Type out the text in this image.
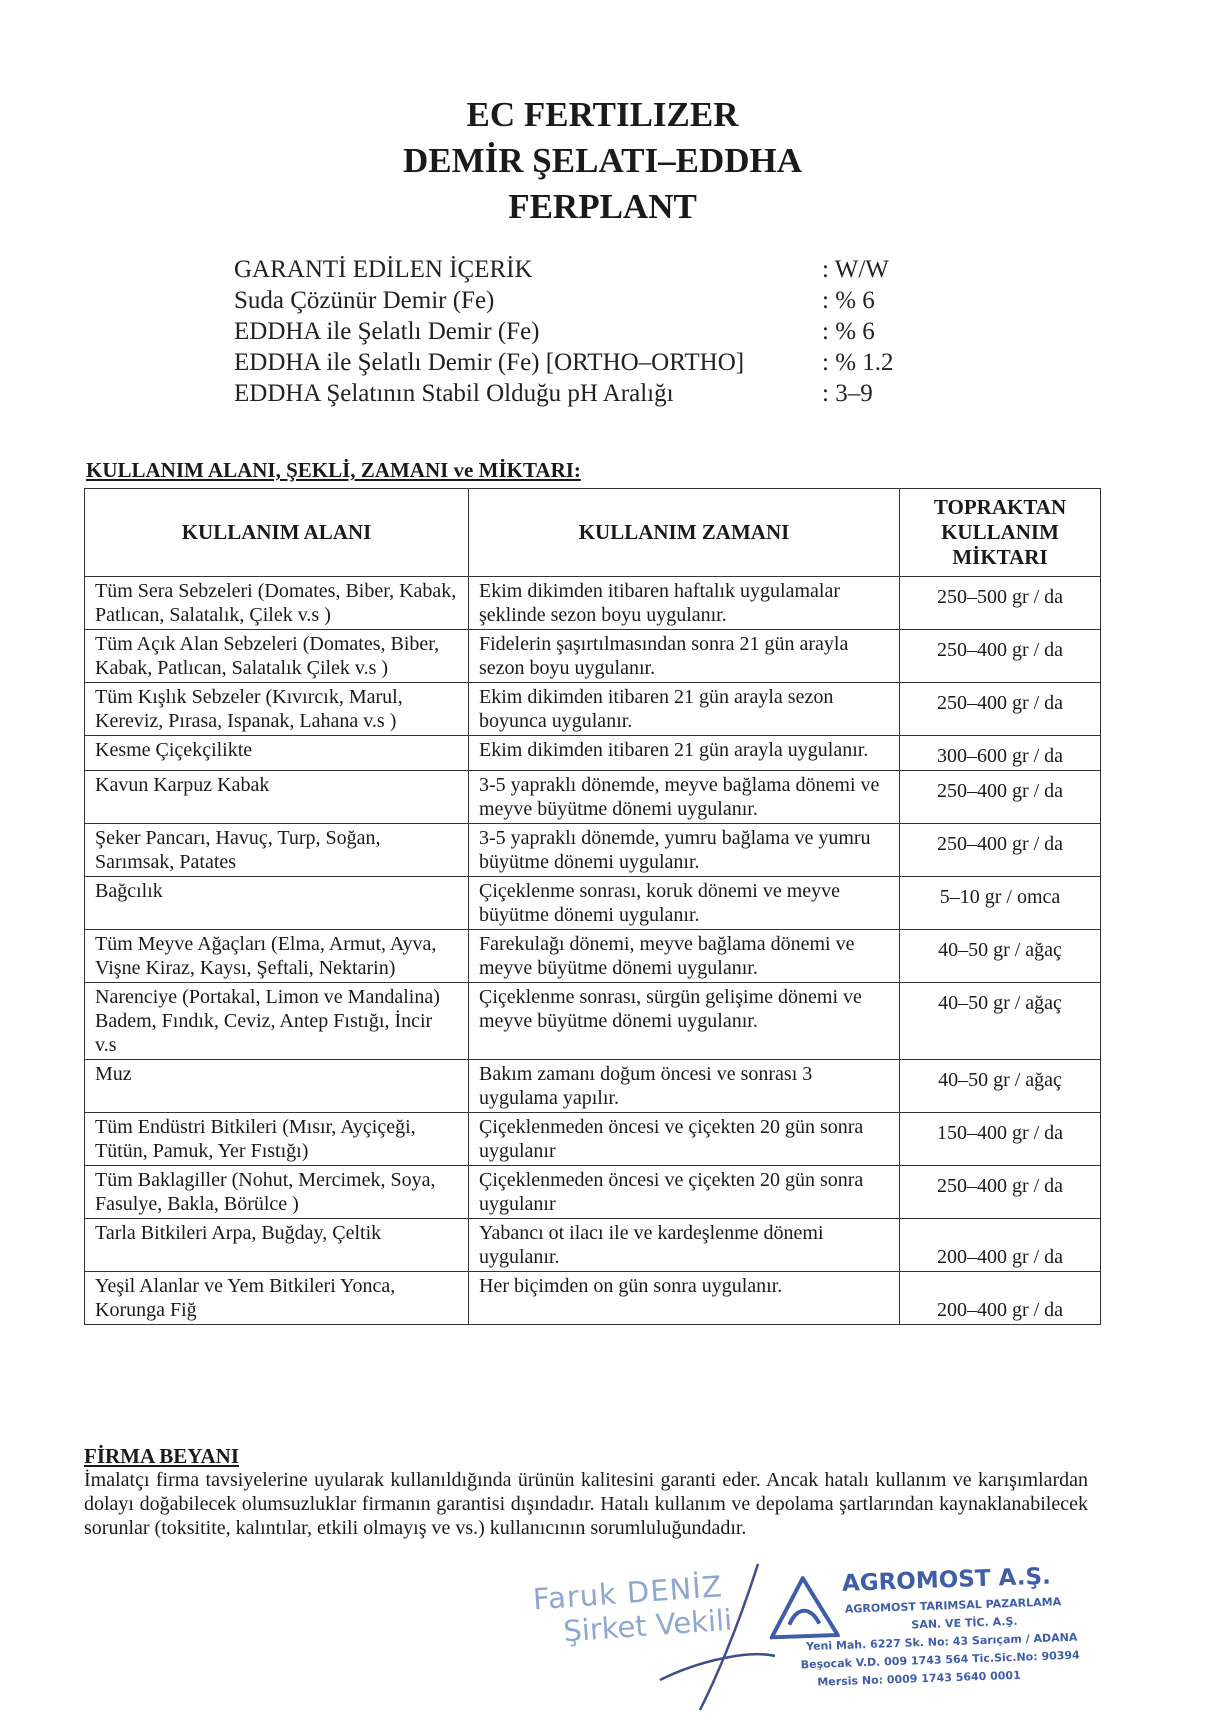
EC FERTILIZER
DEMİR ŞELATI–EDDHA
FERPLANT
GARANTİ EDİLEN İÇERİK	: W/W
Suda Çözünür Demir (Fe)	: % 6
EDDHA ile Şelatlı Demir (Fe)	: % 6
EDDHA ile Şelatlı Demir (Fe) [ORTHO–ORTHO]	: % 1.2
EDDHA Şelatının Stabil Olduğu pH Aralığı	: 3–9
KULLANIM ALANI, ŞEKLİ, ZAMANI ve MİKTARI:
KULLANIM ALANI	KULLANIM ZAMANI	TOPRAKTAN
KULLANIM
MİKTARI

Tüm Sera Sebzeleri (Domates, Biber, Kabak, Patlıcan, Salatalık, Çilek v.s )	Ekim dikimden itibaren haftalık uygulamalar şeklinde sezon boyu uygulanır.	250–500 gr / da
Tüm Açık Alan Sebzeleri (Domates, Biber, Kabak, Patlıcan, Salatalık Çilek v.s )	Fidelerin şaşırtılmasından sonra 21 gün arayla sezon boyu uygulanır.	250–400 gr / da
Tüm Kışlık Sebzeler (Kıvırcık, Marul, Kereviz, Pırasa, Ispanak, Lahana v.s )	Ekim dikimden itibaren 21 gün arayla sezon boyunca uygulanır.	250–400 gr / da
Kesme Çiçekçilikte	Ekim dikimden itibaren 21 gün arayla uygulanır.	300–600 gr / da
Kavun Karpuz Kabak	3-5 yapraklı dönemde, meyve bağlama dönemi ve meyve büyütme dönemi uygulanır.	250–400 gr / da
Şeker Pancarı, Havuç, Turp, Soğan, Sarımsak, Patates	3-5 yapraklı dönemde, yumru bağlama ve yumru büyütme dönemi uygulanır.	250–400 gr / da
Bağcılık	Çiçeklenme sonrası, koruk dönemi ve meyve büyütme dönemi uygulanır.	5–10 gr / omca
Tüm Meyve Ağaçları (Elma, Armut, Ayva, Vişne Kiraz, Kaysı, Şeftali, Nektarin)	Farekulağı dönemi, meyve bağlama dönemi ve meyve büyütme dönemi uygulanır.	40–50 gr / ağaç
Narenciye (Portakal, Limon ve Mandalina) Badem, Fındık, Ceviz, Antep Fıstığı, İncir v.s	Çiçeklenme sonrası, sürgün gelişime dönemi ve meyve büyütme dönemi uygulanır.	40–50 gr / ağaç
Muz	Bakım zamanı doğum öncesi ve sonrası 3 uygulama yapılır.	40–50 gr / ağaç
Tüm Endüstri Bitkileri (Mısır, Ayçiçeği, Tütün, Pamuk, Yer Fıstığı)	Çiçeklenmeden öncesi ve çiçekten 20 gün sonra uygulanır	150–400 gr / da
Tüm Baklagiller (Nohut, Mercimek, Soya, Fasulye, Bakla, Börülce )	Çiçeklenmeden öncesi ve çiçekten 20 gün sonra uygulanır	250–400 gr / da
Tarla Bitkileri Arpa, Buğday, Çeltik	Yabancı ot ilacı ile ve kardeşlenme dönemi uygulanır.	200–400 gr / da
Yeşil Alanlar ve Yem Bitkileri Yonca, Korunga Fiğ	Her biçimden on gün sonra uygulanır.	200–400 gr / da
FİRMA BEYANI
İmalatçı firma tavsiyelerine uyularak kullanıldığında ürünün kalitesini garanti eder. Ancak hatalı kullanım ve karışımlardan dolayı doğabilecek olumsuzluklar firmanın garantisi dışındadır. Hatalı kullanım ve depolama şartlarından kaynaklanabilecek sorunlar (toksitite, kalıntılar, etkili olmayış ve vs.) kullanıcının sorumluluğundadır.
Faruk DENİZ
Şirket Vekili
AGROMOST A.Ş.
AGROMOST TARIMSAL PAZARLAMA
SAN. VE TİC. A.Ş.
Yeni Mah. 6227 Sk. No: 43 Sarıçam / ADANA
Beşocak V.D. 009 1743 564 Tic.Sic.No: 90394
Mersis No: 0009 1743 5640 0001
